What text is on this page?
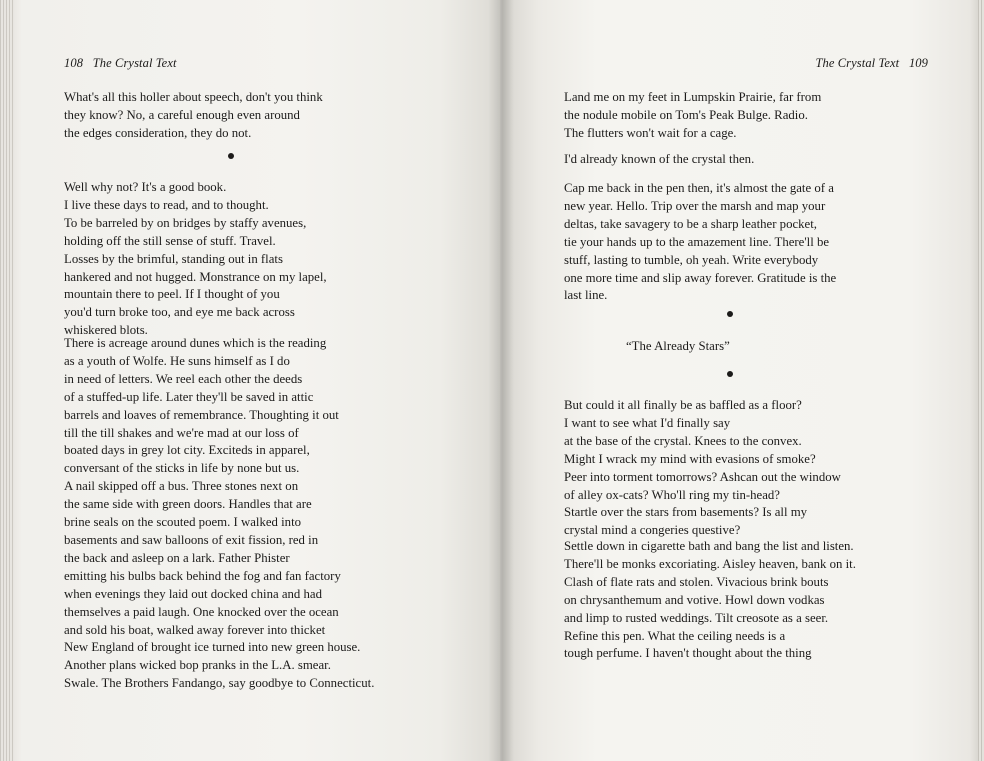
108 The Crystal Text
What's all this holler about speech, don't you think
they know? No, a careful enough even around
the edges consideration, they do not.
Well why not? It's a good book.
I live these days to read, and to thought.
To be barreled by on bridges by staffy avenues,
holding off the still sense of stuff. Travel.
Losses by the brimful, standing out in flats
hankered and not hugged. Monstrance on my lapel,
mountain there to peel. If I thought of you
you'd turn broke too, and eye me back across
whiskered blots.
There is acreage around dunes which is the reading
as a youth of Wolfe. He suns himself as I do
in need of letters. We reel each other the deeds
of a stuffed-up life. Later they'll be saved in attic
barrels and loaves of remembrance. Thoughting it out
till the till shakes and we're mad at our loss of
boated days in grey lot city. Exciteds in apparel,
conversant of the sticks in life by none but us.
A nail skipped off a bus. Three stones next on
the same side with green doors. Handles that are
brine seals on the scouted poem. I walked into
basements and saw balloons of exit fission, red in
the back and asleep on a lark. Father Phister
emitting his bulbs back behind the fog and fan factory
when evenings they laid out docked china and had
themselves a paid laugh. One knocked over the ocean
and sold his boat, walked away forever into thicket
New England of brought ice turned into new green house.
Another plans wicked bop pranks in the L.A. smear.
Swale. The Brothers Fandango, say goodbye to Connecticut.
The Crystal Text 109
Land me on my feet in Lumpskin Prairie, far from
the nodule mobile on Tom's Peak Bulge. Radio.
The flutters won't wait for a cage.
I'd already known of the crystal then.
Cap me back in the pen then, it's almost the gate of a
new year. Hello. Trip over the marsh and map your
deltas, take savagery to be a sharp leather pocket,
tie your hands up to the amazement line. There'll be
stuff, lasting to tumble, oh yeah. Write everybody
one more time and slip away forever. Gratitude is the
last line.
“The Already Stars”
But could it all finally be as baffled as a floor?
I want to see what I'd finally say
at the base of the crystal. Knees to the convex.
Might I wrack my mind with evasions of smoke?
Peer into torment tomorrows? Ashcan out the window
of alley ox-cats? Who'll ring my tin-head?
Startle over the stars from basements? Is all my
crystal mind a congeries questive?
Settle down in cigarette bath and bang the list and listen.
There'll be monks excoriating. Aisley heaven, bank on it.
Clash of flate rats and stolen. Vivacious brink bouts
on chrysanthemum and votive. Howl down vodkas
and limp to rusted weddings. Tilt creosote as a seer.
Refine this pen. What the ceiling needs is a
tough perfume. I haven't thought about the thing
